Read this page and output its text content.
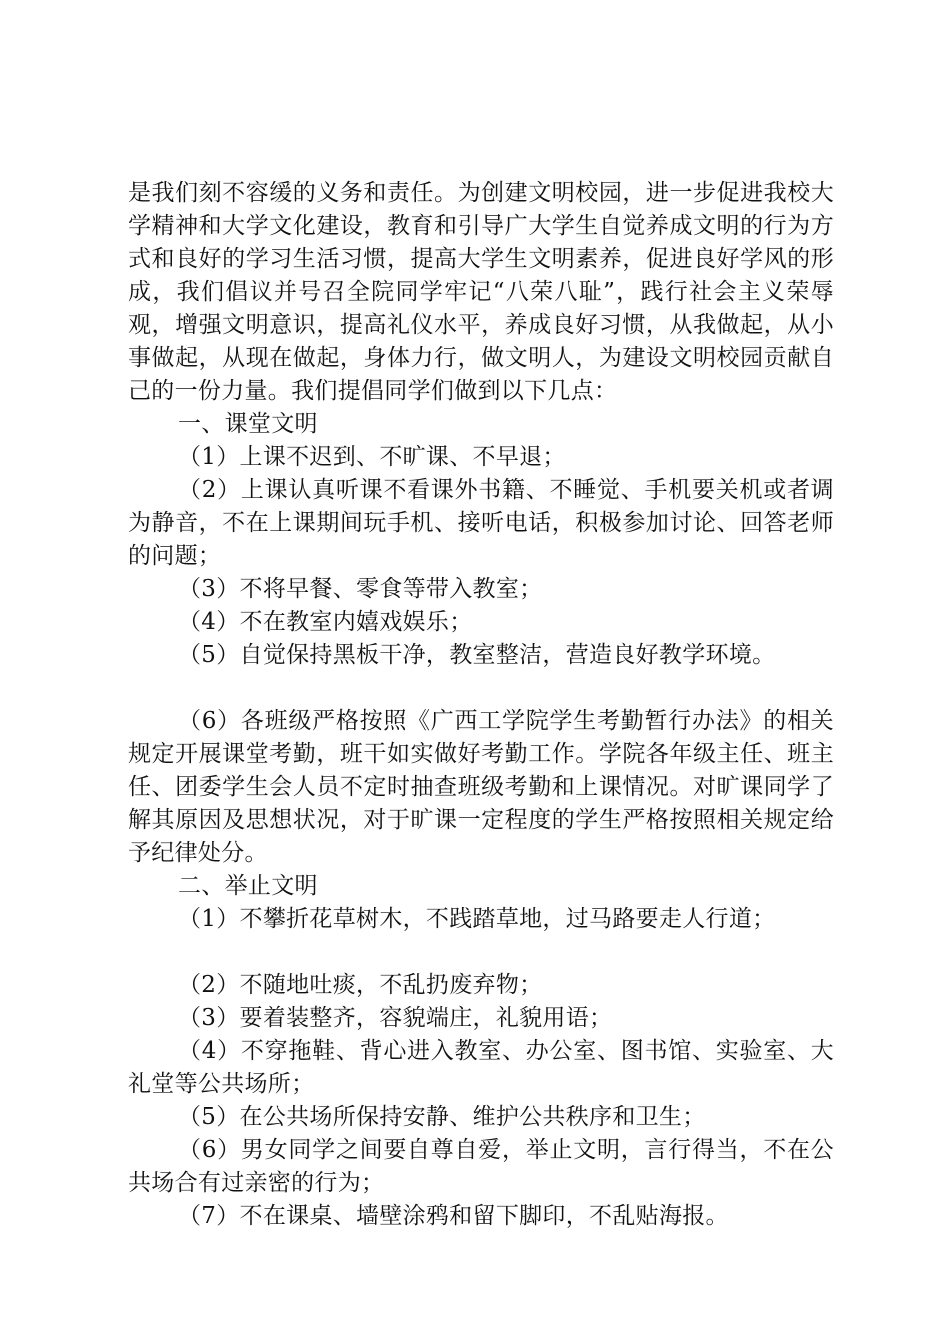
是我们刻不容缓的义务和责任。为创建文明校园，进一步促进我校大学精神和大学文化建设，教育和引导广大学生自觉养成文明的行为方式和良好的学习生活习惯，提高大学生文明素养，促进良好学风的形成，我们倡议并号召全院同学牢记“八荣八耻”，践行社会主义荣辱观，增强文明意识，提高礼仪水平，养成良好习惯，从我做起，从小事做起，从现在做起，身体力行，做文明人，为建设文明校园贡献自己的一份力量。我们提倡同学们做到以下几点：

一、课堂文明

（1）上课不迟到、不旷课、不早退；

（2）上课认真听课不看课外书籍、不睡觉、手机要关机或者调为静音，不在上课期间玩手机、接听电话，积极参加讨论、回答老师的问题；

（3）不将早餐、零食等带入教室；

（4）不在教室内嬉戏娱乐；

（5）自觉保持黑板干净，教室整洁，营造良好教学环境。

（6）各班级严格按照《广西工学院学生考勤暂行办法》的相关规定开展课堂考勤，班干如实做好考勤工作。学院各年级主任、班主任、团委学生会人员不定时抽查班级考勤和上课情况。对旷课同学了解其原因及思想状况，对于旷课一定程度的学生严格按照相关规定给予纪律处分。

二、举止文明

（1）不攀折花草树木，不践踏草地，过马路要走人行道；

（2）不随地吐痰，不乱扔废弃物；

（3）要着装整齐，容貌端庄，礼貌用语；

（4）不穿拖鞋、背心进入教室、办公室、图书馆、实验室、大礼堂等公共场所；

（5）在公共场所保持安静、维护公共秩序和卫生；

（6）男女同学之间要自尊自爱，举止文明，言行得当，不在公共场合有过亲密的行为；

（7）不在课桌、墙壁涂鸦和留下脚印，不乱贴海报。
